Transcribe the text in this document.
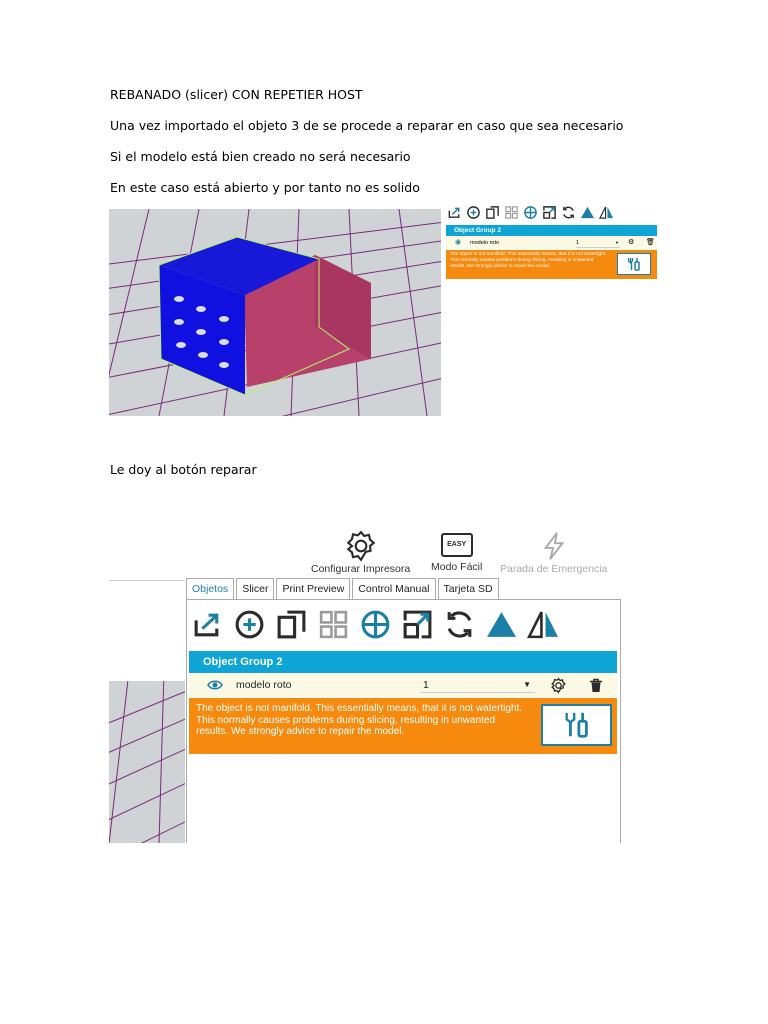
REBANADO (slicer) CON REPETIER HOST
Una vez importado el objeto 3 de se procede a reparar en caso que sea necesario
Si el modelo está bien creado no será necesario
En este caso está abierto y por tanto no es solido
Le doy al botón reparar
Object Group 2
◉ modelo roto	1	▼ ⚙ 🗑
The object is not manifold. This essentially means, that it is not watertight. This normally causes problems during slicing, resulting in unwanted results. We strongly advice to repair the model.
Configurar Impresora
EASY
Modo Fácil Parada de Emergencia
Objetos	Slicer	Print Preview	Control Manual	Tarjeta SD
Object Group 2
modelo roto	1	▼
The object is not manifold. This essentially means, that it is not watertight. This normally causes problems during slicing, resulting in unwanted results. We strongly advice to repair the model.
